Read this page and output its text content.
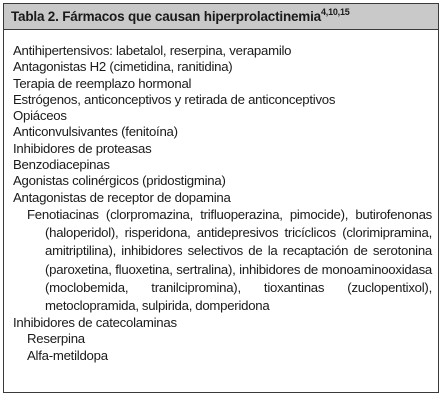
Tabla 2. Fármacos que causan hiperprolactinemia$^{4,10,15}$
Antihipertensivos: labetalol, reserpina, verapamilo
Antagonistas H2 (cimetidina, ranitidina)
Terapia de reemplazo hormonal
Estrógenos, anticonceptivos y retirada de anticonceptivos
Opiáceos
Anticonvulsivantes (fenitoína)
Inhibidores de proteasas
Benzodiacepinas
Agonistas colinérgicos (pridostigmina)
Antagonistas de receptor de dopamina
Fenotiacinas (clorpromazina, trifluoperazina, pimocide), butirofenonas (haloperidol), risperidona, antidepresivos tricíclicos (clorimipramina, amitriptilina), inhibidores selectivos de la recaptación de serotonina (paroxetina, fluoxetina, sertralina), inhibidores de monoaminooxidasa (moclobemida, tranilcipromina), tioxantinas (zuclopentixol), metoclopramida, sulpirida, domperidona
Inhibidores de catecolaminas
Reserpina
Alfa-metildopa
